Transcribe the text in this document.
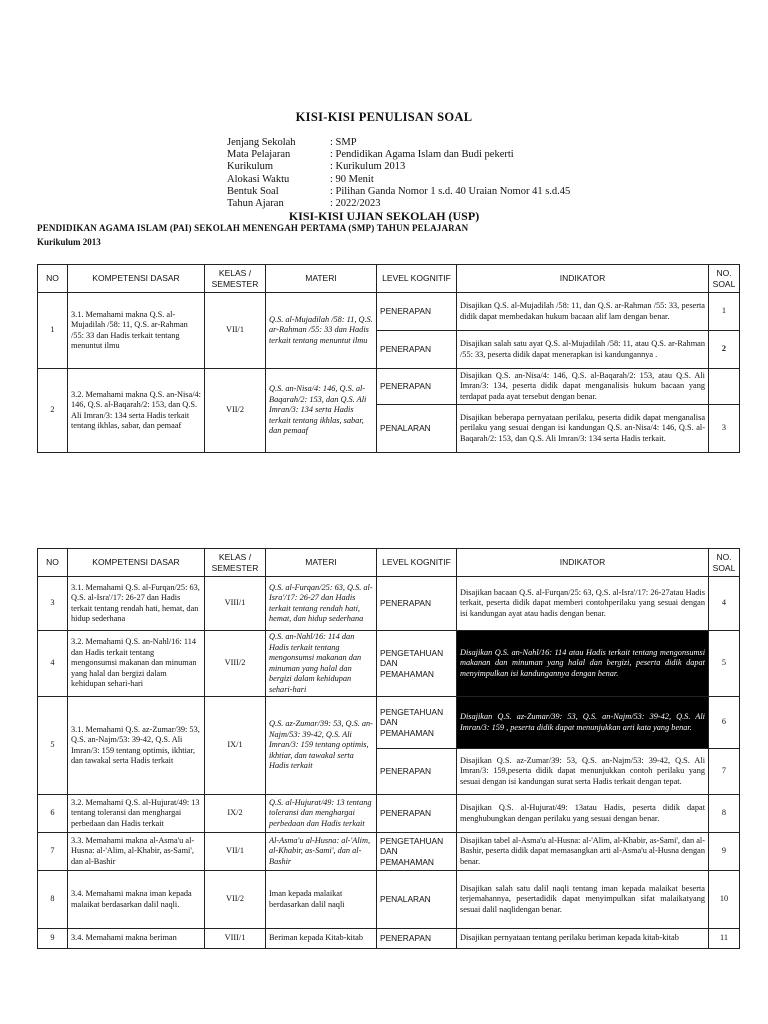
KISI-KISI PENULISAN SOAL
Jenjang Sekolah	: SMP
Mata Pelajaran	: Pendidikan Agama Islam dan Budi pekerti
Kurikulum	: Kurikulum 2013
Alokasi Waktu	: 90 Menit
Bentuk Soal	: Pilihan Ganda Nomor 1 s.d. 40 Uraian Nomor 41 s.d.45
Tahun Ajaran	: 2022/2023
KISI-KISI UJIAN SEKOLAH (USP)
PENDIDIKAN AGAMA ISLAM (PAI) SEKOLAH MENENGAH PERTAMA (SMP) TAHUN PELAJARAN
Kurikulum 2013
NO	KOMPETENSI DASAR	KELAS / SEMESTER	MATERI	LEVEL KOGNITIF	INDIKATOR	NO. SOAL
1	3.1. Memahami makna Q.S. al-Mujadilah /58: 11, Q.S. ar-Rahman /55: 33 dan Hadis terkait tentang menuntut ilmu	VII/1	Q.S. al-Mujadilah /58: 11, Q.S. ar-Rahman /55: 33 dan Hadis terkait tentang menuntut ilmu	PENERAPAN	Disajikan Q.S. al-Mujadilah /58: 11, dan Q.S. ar-Rahman /55: 33, peserta didik dapat membedakan hukum bacaan alif lam dengan benar.	1
				PENERAPAN	Disajikan salah satu ayat Q.S. al-Mujadilah /58: 11, atau Q.S. ar-Rahman /55: 33, peserta didik dapat menerapkan isi kandungannya .	2
2	3.2. Memahami makna Q.S. an-Nisa/4: 146, Q.S. al-Baqarah/2: 153, dan Q.S. Ali Imran/3: 134 serta Hadis terkait tentang ikhlas, sabar, dan pemaaf	VII/2	Q.S. an-Nisa/4: 146, Q.S. al-Baqarah/2: 153, dan Q.S. Ali Imran/3: 134 serta Hadis terkait tentang ikhlas, sabar, dan pemaaf	PENERAPAN	Disajikan Q.S. an-Nisa/4: 146, Q.S. al-Baqarah/2: 153, atau Q.S. Ali Imran/3: 134, peserta didik dapat menganalisis hukum bacaan yang terdapat pada ayat tersebut dengan benar.	
				PENALARAN	Disajikan beberapa pernyataan perilaku, peserta didik dapat menganalisa perilaku yang sesuai dengan isi kandungan Q.S. an-Nisa/4: 146, Q.S. al-Baqarah/2: 153, dan Q.S. Ali Imran/3: 134 serta Hadis terkait.	3
NO	KOMPETENSI DASAR	KELAS / SEMESTER	MATERI	LEVEL KOGNITIF	INDIKATOR	NO. SOAL
3	3.1. Memahami Q.S. al-Furqan/25: 63, Q.S. al-Isra'/17: 26-27 dan Hadis terkait tentang rendah hati, hemat, dan hidup sederhana	VIII/1	Q.S. al-Furqan/25: 63, Q.S. al-Isra'/17: 26-27 dan Hadis terkait tentang rendah hati, hemat, dan hidup sederhana	PENERAPAN	Disajikan bacaan Q.S. al-Furqan/25: 63, Q.S. al-Isra'/17: 26-27atau Hadis terkait, peserta didik dapat memberi contohperilaku yang sesuai dengan isi kandungan ayat atau hadis dengan benar.	4
4	3.2. Memahami Q.S. an-Nahl/16: 114 dan Hadis terkait tentang mengonsumsi makanan dan minuman yang halal dan bergizi dalam kehidupan sehari-hari	VIII/2	Q.S. an-Nahl/16: 114 dan Hadis terkait tentang mengonsumsi makanan dan minuman yang halal dan bergizi dalam kehidupan sehari-hari	PENGETAHUAN DAN PEMAHAMAN	Disajikan Q.S. an-Nahl/16: 114 atau Hadis terkait tentang mengonsumsi makanan dan minuman yang halal dan bergizi, peserta didik dapat menyimpulkan isi kandungannya dengan benar.	5
5	3.1. Memahami Q.S. az-Zumar/39: 53, Q.S. an-Najm/53: 39-42, Q.S. Ali Imran/3: 159 tentang optimis, ikhtiar, dan tawakal serta Hadis terkait	IX/1	Q.S. az-Zumar/39: 53, Q.S. an-Najm/53: 39-42, Q.S. Ali Imran/3: 159 tentang optimis, ikhtiar, dan tawakal serta Hadis terkait	PENGETAHUAN DAN PEMAHAMAN	Disajikan Q.S. az-Zumar/39: 53, Q.S. an-Najm/53: 39-42, Q.S. Ali Imran/3: 159 , peserta didik dapat menunjukkan arti kata yang benar.	6
				PENERAPAN	Disajikan Q.S. az-Zumar/39: 53, Q.S. an-Najm/53: 39-42, Q.S. Ali Imran/3: 159,peserta didik dapat menunjukkan contoh perilaku yang sesuai dengan isi kandungan surat serta Hadis terkait dengan tepat.	7
6	3.2. Memahami Q.S. al-Hujurat/49: 13 tentang toleransi dan menghargai perbedaan dan Hadis terkait	IX/2	Q.S. al-Hujurat/49: 13 tentang toleransi dan menghargai perbedaan dan Hadis terkait	PENERAPAN	Disajikan Q.S. al-Hujurat/49: 13atau Hadis, peserta didik dapat menghubungkan dengan perilaku yang sesuai dengan benar.	8
7	3.3. Memahami makna al-Asma'u al-Husna: al-'Alim, al-Khabir, as-Sami', dan al-Bashir	VII/1	Al-Asma'u al-Husna: al-'Alim, al-Khabir, as-Sami', dan al-Bashir	PENGETAHUAN DAN PEMAHAMAN	Disajikan tabel al-Asma'u al-Husna: al-'Alim, al-Khabir, as-Sami', dan al-Bashir, peserta didik dapat memasangkan arti al-Asma'u al-Husna dengan benar.	9
8	3.4. Memahami makna iman kepada malaikat berdasarkan dalil naqli.	VII/2	Iman kepada malaikat berdasarkan dalil naqli	PENALARAN	Disajikan salah satu dalil naqli tentang iman kepada malaikat beserta terjemahannya, pesertadidik dapat menyimpulkan sifat malaikatyang sesuai dalil naqlidengan benar.	10
9	3.4. Memahami makna beriman	VIII/1	Beriman kepada Kitab-kitab	PENERAPAN	Disajikan pernyataan tentang perilaku beriman kepada kitab-kitab	11
